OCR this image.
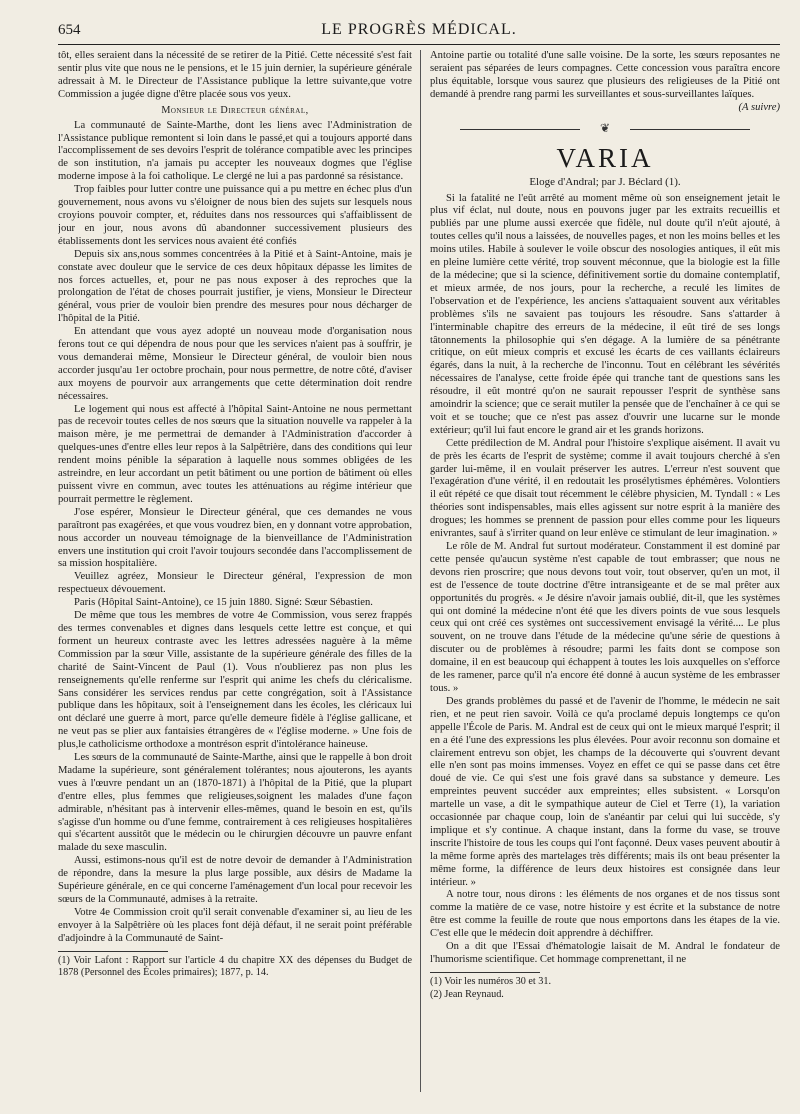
654	LE PROGRÈS MÉDICAL.

tôt, elles seraient dans la nécessité de se retirer de la Pitié. Cette nécessité s'est fait sentir plus vite que nous ne le pensions, et le 15 juin dernier, la supérieure générale adressait à M. le Directeur de l'Assistance publique la lettre suivante,que votre Commission a jugée digne d'être placée sous vos yeux.

Monsieur le Directeur général,

La communauté de Sainte-Marthe, dont les liens avec l'Administration de l'Assistance publique remontent si loin dans le passé,et qui a toujours apporté dans l'accomplissement de ses devoirs l'esprit de tolérance compatible avec les principes de son institution, n'a jamais pu accepter les nouveaux dogmes que l'église moderne impose à la foi catholique. Le clergé ne lui a pas pardonné sa résistance.

Trop faibles pour lutter contre une puissance qui a pu mettre en échec plus d'un gouvernement, nous avons vu s'éloigner de nous bien des sujets sur lesquels nous croyions pouvoir compter, et, réduites dans nos ressources qui s'affaiblissent de jour en jour, nous avons dû abandonner successivement plusieurs des établissements dont les services nous avaient été confiés

Depuis six ans,nous sommes concentrées à la Pitié et à Saint-Antoine, mais je constate avec douleur que le service de ces deux hôpitaux dépasse les limites de nos forces actuelles, et, pour ne pas nous exposer à des reproches que la prolongation de l'état de choses pourrait justifier, je viens, Monsieur le Directeur général, vous prier de vouloir bien prendre des mesures pour nous décharger de l'hôpital de la Pitié.

En attendant que vous ayez adopté un nouveau mode d'organisation nous ferons tout ce qui dépendra de nous pour que les services n'aient pas à souffrir, je vous demanderai même, Monsieur le Directeur général, de vouloir bien nous accorder jusqu'au 1er octobre prochain, pour nous permettre, de notre côté, d'aviser aux moyens de pourvoir aux arrangements que cette détermination doit rendre nécessaires.

Le logement qui nous est affecté à l'hôpital Saint-Antoine ne nous permettant pas de recevoir toutes celles de nos sœurs que la situation nouvelle va rappeler à la maison mère, je me permettrai de demander à l'Administration d'accorder à quelques-unes d'entre elles leur repos à la Salpêtrière, dans des conditions qui leur rendent moins pénible la séparation à laquelle nous sommes obligées de les astreindre, en leur accordant un petit bâtiment ou une portion de bâtiment où elles puissent vivre en commun, avec toutes les atténuations au régime intérieur que pourrait permettre le règlement.

J'ose espérer, Monsieur le Directeur général, que ces demandes ne vous paraîtront pas exagérées, et que vous voudrez bien, en y donnant votre approbation, nous accorder un nouveau témoignage de la bienveillance de l'Administration envers une institution qui croit l'avoir toujours secondée dans l'accomplissement de sa mission hospitalière.

Veuillez agréez, Monsieur le Directeur général, l'expression de mon respectueux dévouement.

Paris (Hôpital Saint-Antoine), ce 15 juin 1880. Signé: Sœur Sébastien.

De même que tous les membres de votre 4e Commission, vous serez frappés des termes convenables et dignes dans lesquels cette lettre est conçue, et qui forment un heureux contraste avec les lettres adressées naguère à la même Commission par la sœur Ville, assistante de la supérieure générale des filles de la charité de Saint-Vincent de Paul (1). Vous n'oublierez pas non plus les renseignements qu'elle renferme sur l'esprit qui anime les chefs du cléricalisme. Sans considérer les services rendus par cette congrégation, soit à l'Assistance publique dans les hôpitaux, soit à l'enseignement dans les écoles, les cléricaux lui ont déclaré une guerre à mort, parce qu'elle demeure fidèle à l'église gallicane, et ne veut pas se plier aux fantaisies étrangères de « l'église moderne. » Une fois de plus,le catholicisme orthodoxe a montréson esprit d'intolérance haineuse.

Les sœurs de la communauté de Sainte-Marthe, ainsi que le rappelle à bon droit Madame la supérieure, sont généralement tolérantes; nous ajouterons, les ayants vues à l'œuvre pendant un an (1870-1871) à l'hôpital de la Pitié, que la plupart d'entre elles, plus femmes que religieuses,soignent les malades d'une façon admirable, n'hésitant pas à intervenir elles-mêmes, quand le besoin en est, qu'ils s'agisse d'un homme ou d'une femme, contrairement à ces religieuses hospitalières qui s'écartent aussitôt que le médecin ou le chirurgien découvre un pauvre enfant malade du sexe masculin.

Aussi, estimons-nous qu'il est de notre devoir de demander à l'Administration de répondre, dans la mesure la plus large possible, aux désirs de Madame la Supérieure générale, en ce qui concerne l'aménagement d'un local pour recevoir les sœurs de la Communauté, admises à la retraite.

Votre 4e Commission croit qu'il serait convenable d'examiner si, au lieu de les envoyer à la Salpêtrière où les places font déjà défaut, il ne serait point préférable d'adjoindre à la Communauté de Saint-

(1) Voir Lafont : Rapport sur l'article 4 du chapitre XX des dépenses du Budget de 1878 (Personnel des Écoles primaires); 1877, p. 14.

Antoine partie ou totalité d'une salle voisine. De la sorte, les sœurs reposantes ne seraient pas séparées de leurs compagnes. Cette concession vous paraîtra encore plus équitable, lorsque vous saurez que plusieurs des religieuses de la Pitié ont demandé à prendre rang parmi les surveillantes et sous-surveillantes laïques.

(A suivre)

❦
VARIA
Eloge d'Andral; par J. Béclard (1).

Si la fatalité ne l'eût arrêté au moment même où son enseignement jetait le plus vif éclat, nul doute, nous en pouvons juger par les extraits recueillis et publiés par une plume aussi exercée que fidèle, nul doute qu'il n'eût ajouté, à toutes celles qu'il nous a laissées, de nouvelles pages, et non les moins belles et les moins utiles. Habile à soulever le voile obscur des nosologies antiques, il eût mis en pleine lumière cette vérité, trop souvent méconnue, que la biologie est la fille de la médecine; que si la science, définitivement sortie du domaine contemplatif, et mieux armée, de nos jours, pour la recherche, a reculé les limites de l'observation et de l'expérience, les anciens s'attaquaient souvent aux véritables problèmes s'ils ne savaient pas toujours les résoudre. Sans s'attarder à l'interminable chapitre des erreurs de la médecine, il eût tiré de ses longs tâtonnements la philosophie qui s'en dégage. A la lumière de sa pénétrante critique, on eût mieux compris et excusé les écarts de ces vaillants éclaireurs égarés, dans la nuit, à la recherche de l'inconnu. Tout en célébrant les sévérités nécessaires de l'analyse, cette froide épée qui tranche tant de questions sans les résoudre, il eût montré qu'on ne saurait repousser l'esprit de synthèse sans amoindrir la science; que ce serait mutiler la pensée que de l'enchaîner à ce qui se voit et se touche; que ce n'est pas assez d'ouvrir une lucarne sur le monde extérieur; qu'il lui faut encore le grand air et les grands horizons.

Cette prédilection de M. Andral pour l'histoire s'explique aisément. Il avait vu de près les écarts de l'esprit de système; comme il avait toujours cherché à s'en garder lui-même, il en voulait préserver les autres. L'erreur n'est souvent que l'exagération d'une vérité, il en redoutait les prosélytismes éphémères. Volontiers il eût répété ce que disait tout récemment le célèbre physicien, M. Tyndall : « Les théories sont indispensables, mais elles agissent sur notre esprit à la manière des drogues; les hommes se prennent de passion pour elles comme pour les liqueurs enivrantes, sauf à s'irriter quand on leur enlève ce stimulant de leur imagination. »

Le rôle de M. Andral fut surtout modérateur. Constamment il est dominé par cette pensée qu'aucun système n'est capable de tout embrasser; que nous ne devons rien proscrire; que nous devons tout voir, tout observer, qu'en un mot, il est de l'essence de toute doctrine d'être intransigeante et de se mal prêter aux opportunités du progrès. « Je désire n'avoir jamais oublié, dit-il, que les systèmes qui ont dominé la médecine n'ont été que les divers points de vue sous lesquels ceux qui ont créé ces systèmes ont successivement envisagé la vérité.... Le plus souvent, on ne trouve dans l'étude de la médecine qu'une série de questions à discuter ou de problèmes à résoudre; parmi les faits dont se compose son domaine, il en est beaucoup qui échappent à toutes les lois auxquelles on s'efforce de les ramener, parce qu'il n'a encore été donné à aucun système de les embrasser tous. »

Des grands problèmes du passé et de l'avenir de l'homme, le médecin ne sait rien, et ne peut rien savoir. Voilà ce qu'a proclamé depuis longtemps ce qu'on appelle l'École de Paris. M. Andral est de ceux qui ont le mieux marqué l'esprit; il en a été l'une des expressions les plus élevées. Pour avoir reconnu son domaine et clairement entrevu son objet, les champs de la découverte qui s'ouvrent devant elle n'en sont pas moins immenses. Voyez en effet ce qui se passe dans cet être doué de vie. Ce qui s'est une fois gravé dans sa substance y demeure. Les empreintes peuvent succéder aux empreintes; elles subsistent. « Lorsqu'on martelle un vase, a dit le sympathique auteur de Ciel et Terre (1), la variation occasionnée par chaque coup, loin de s'anéantir par celui qui lui succède, s'y implique et s'y continue. A chaque instant, dans la forme du vase, se trouve inscrite l'histoire de tous les coups qui l'ont façonné. Deux vases peuvent aboutir à la même forme après des martelages très différents; mais ils ont beau présenter la même forme, la différence de leurs deux histoires est consignée dans leur intérieur. »

A notre tour, nous dirons : les éléments de nos organes et de nos tissus sont comme la matière de ce vase, notre histoire y est écrite et la substance de notre être est comme la feuille de route que nous emportons dans les étapes de la vie. C'est elle que le médecin doit apprendre à déchiffrer.

On a dit que l'Essai d'hématologie laisait de M. Andral le fondateur de l'humorisme scientifique. Cet hommage comprenettant, il ne

(1) Voir les numéros 30 et 31.

(2) Jean Reynaud.
